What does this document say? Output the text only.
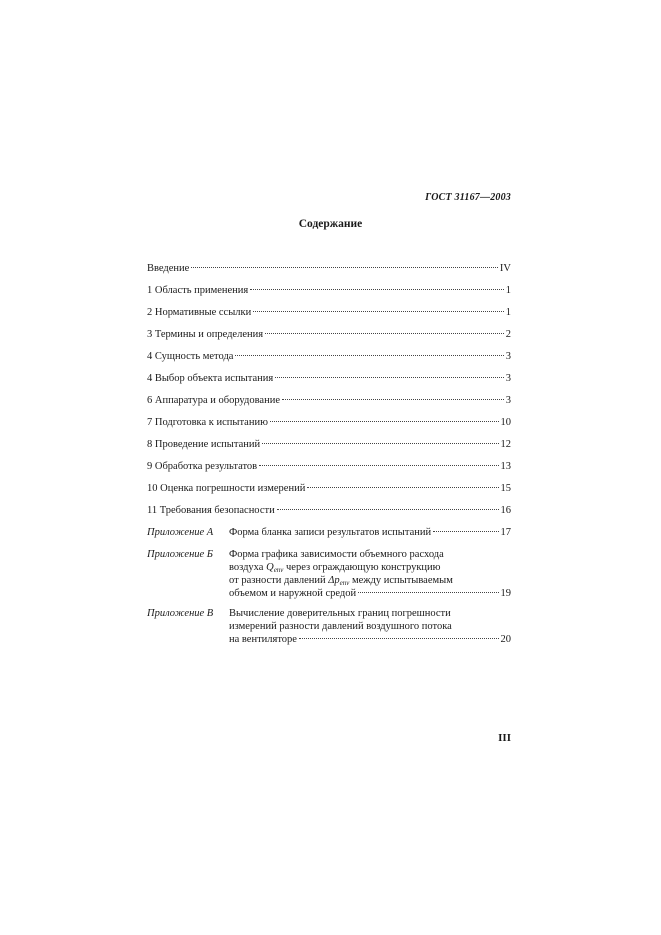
ГОСТ 31167—2003
Содержание
Введение	IV
1 Область применения	1
2 Нормативные ссылки	1
3 Термины и определения	2
4 Сущность метода	3
4 Выбор объекта испытания	3
6 Аппаратура и оборудование	3
7 Подготовка к испытанию	10
8 Проведение испытаний	12
9 Обработка результатов	13
10 Оценка погрешности измерений	15
11 Требования безопасности	16
Приложение А	Форма бланка записи результатов испытаний	17
Приложение Б	Форма графика зависимости объемного расхода
воздуха $Q_{env}$ через ограждающую конструкцию
от разности давлений $\Delta p_{env}$ между испытываемым
объемом и наружной средой	19
Приложение В	Вычисление доверительных границ погрешности
измерений разности давлений воздушного потока
на вентиляторе	20
III
